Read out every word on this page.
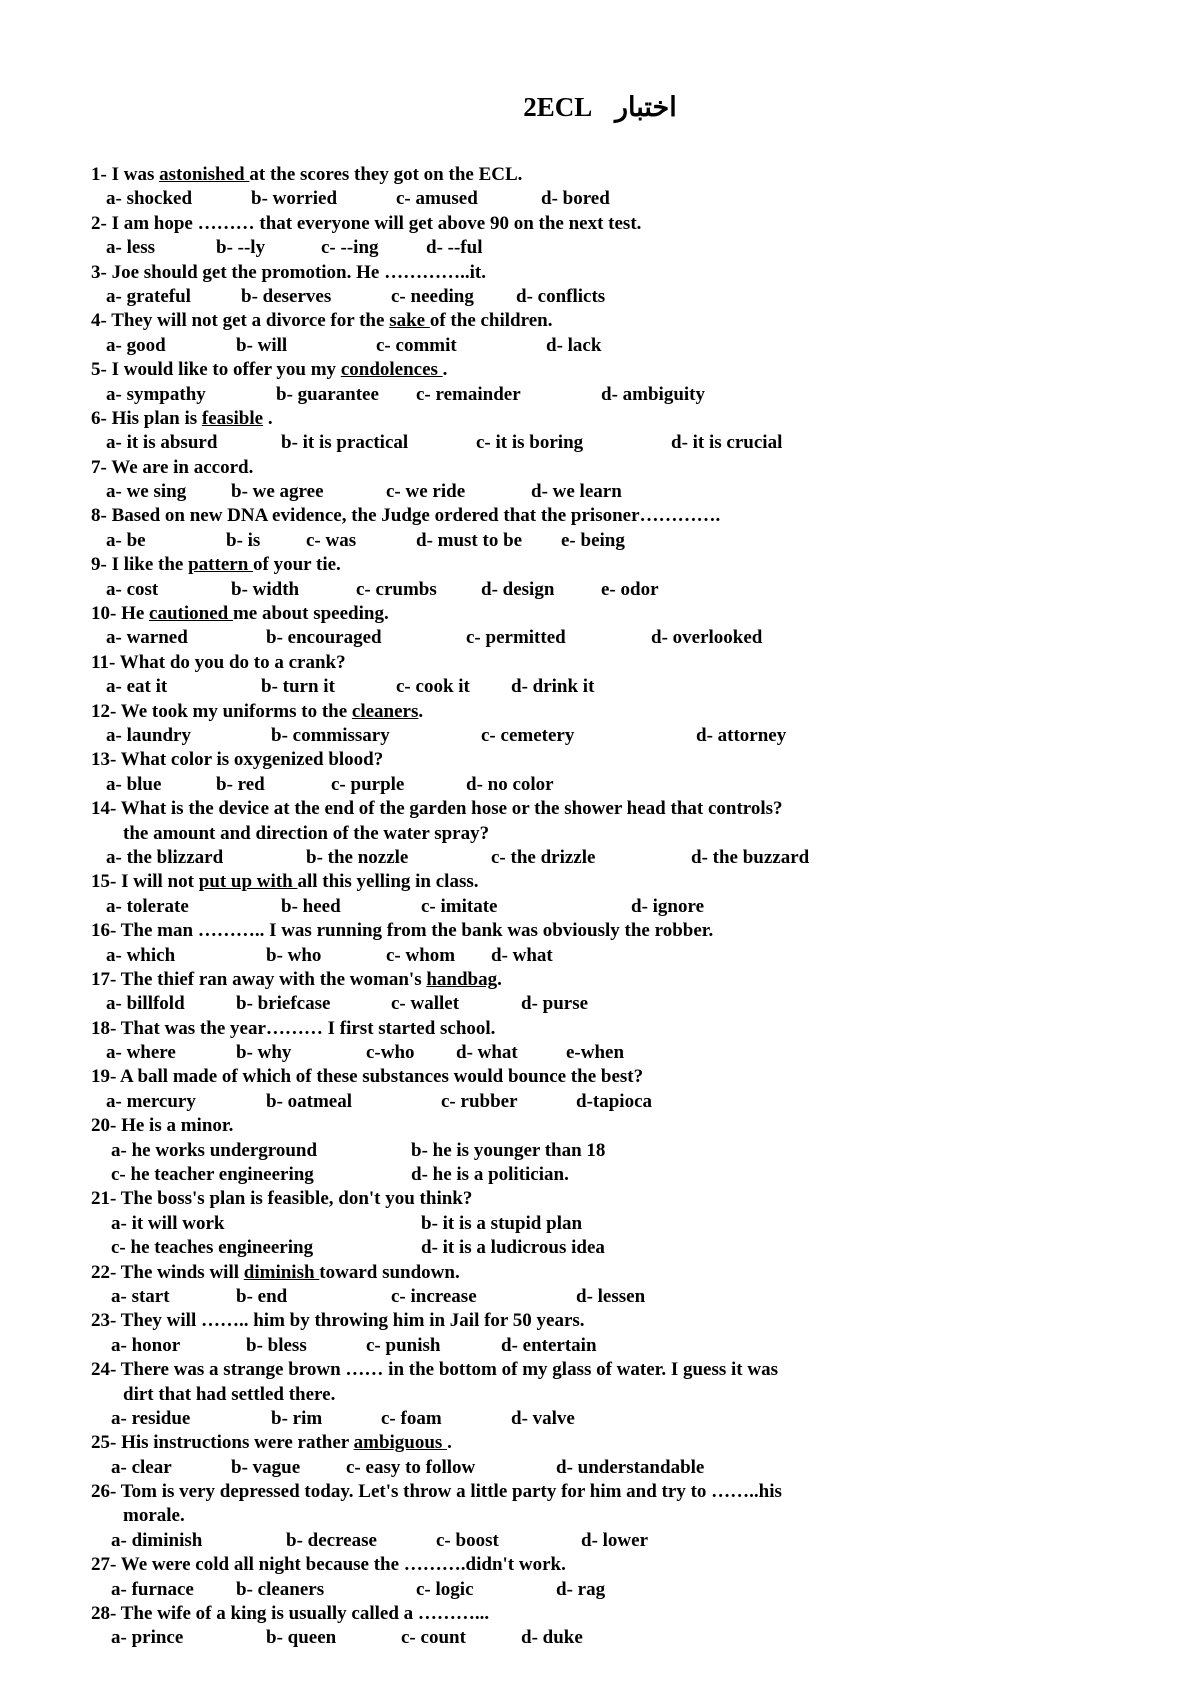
2ECL اختبار
1- I was astonished at the scores they got on the ECL.
a- shocked	b- worried	c- amused	d- bored
2- I am hope ……… that everyone will get above 90 on the next test.
a- less	b- --ly	c- --ing d- --ful
3- Joe should get the promotion. He …………..it.
a- grateful	b- deserves	c- needing d- conflicts
4- They will not get a divorce for the sake of the children.
a- good	b- will	c- commit	d- lack
5- I would like to offer you my condolences .
a- sympathy	b- guarantee c- remainder	d- ambiguity
6- His plan is feasible .
a- it is absurd	b- it is practical	c- it is boring	d- it is crucial
7- We are in accord.
a- we sing b- we agree	c- we ride	d- we learn
8- Based on new DNA evidence, the Judge ordered that the prisoner………….
a- be	b- is c- was	d- must to be e- being
9- I like the pattern of your tie.
a- cost	b- width	c- crumbs d- design e- odor
10- He cautioned me about speeding.
a- warned	b- encouraged	c- permitted	d- overlooked
11- What do you do to a crank?
a- eat it	b- turn it	c- cook it d- drink it
12- We took my uniforms to the cleaners.
a- laundry	b- commissary	c- cemetery	d- attorney
13- What color is oxygenized blood?
a- blue	b- red	c- purple	d- no color
14- What is the device at the end of the garden hose or the shower head that controls?
the amount and direction of the water spray?
a- the blizzard	b- the nozzle	c- the drizzle	d- the buzzard
15- I will not put up with all this yelling in class.
a- tolerate	b- heed	c- imitate	d- ignore
16- The man ……….. I was running from the bank was obviously the robber.
a- which	b- who	c- whom d- what
17- The thief ran away with the woman's handbag.
a- billfold	b- briefcase	c- wallet	d- purse
18- That was the year……… I first started school.
a- where	b- why	c-who d- what	e-when
19- A ball made of which of these substances would bounce the best?
a- mercury	b- oatmeal	c- rubber	d-tapioca
20- He is a minor.
a- he works underground	b- he is younger than 18
c- he teacher engineering	d- he is a politician.
21- The boss's plan is feasible, don't you think?
a- it will work	b- it is a stupid plan
c- he teaches engineering	d- it is a ludicrous idea
22- The winds will diminish toward sundown.
a- start	b- end	c- increase	d- lessen
23- They will …….. him by throwing him in Jail for 50 years.
a- honor	b- bless	c- punish	d- entertain
24- There was a strange brown …… in the bottom of my glass of water. I guess it was
dirt that had settled there.
a- residue	b- rim	c- foam	d- valve
25- His instructions were rather ambiguous .
a- clear	b- vague c- easy to follow	d- understandable
26- Tom is very depressed today. Let's throw a little party for him and try to ……..his
morale.
a- diminish	b- decrease	c- boost	d- lower
27- We were cold all night because the ……….didn't work.
a- furnace b- cleaners	c- logic	d- rag
28- The wife of a king is usually called a ………...
a- prince	b- queen	c- count	d- duke
